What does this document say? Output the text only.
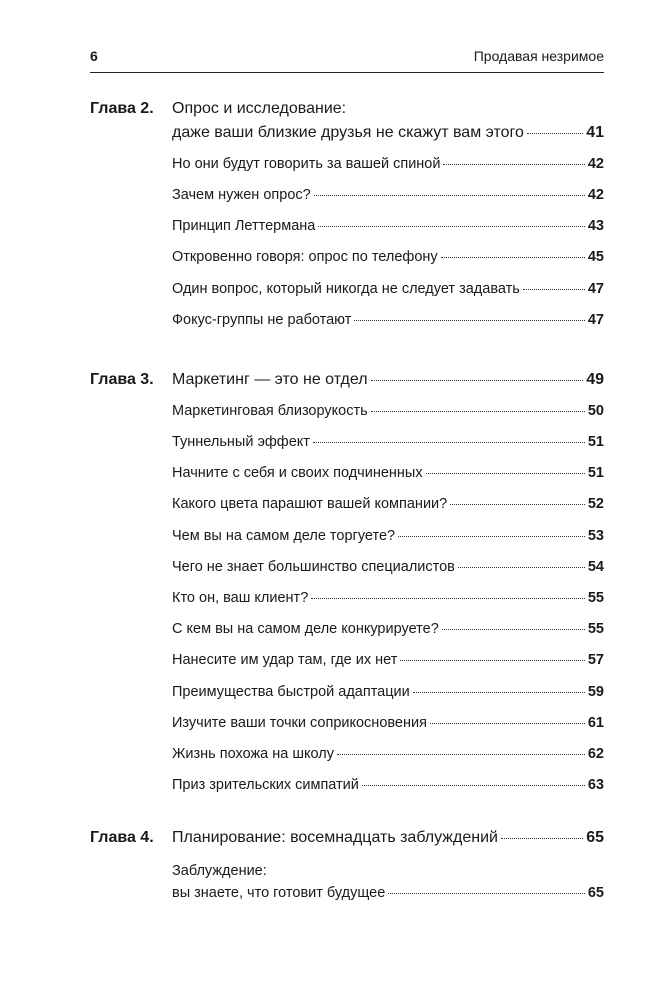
6	Продавая незримое
Глава 2. Опрос и исследование:
даже ваши близкие друзья не скажут вам этого	41
Но они будут говорить за вашей спиной	42
Зачем нужен опрос?	42
Принцип Леттермана	43
Откровенно говоря: опрос по телефону	45
Один вопрос, который никогда не следует задавать	47
Фокус-группы не работают	47
Глава 3. Маркетинг — это не отдел	49
Маркетинговая близорукость	50
Туннельный эффект	51
Начните с себя и своих подчиненных	51
Какого цвета парашют вашей компании?	52
Чем вы на самом деле торгуете?	53
Чего не знает большинство специалистов	54
Кто он, ваш клиент?	55
С кем вы на самом деле конкурируете?	55
Нанесите им удар там, где их нет	57
Преимущества быстрой адаптации	59
Изучите ваши точки соприкосновения	61
Жизнь похожа на школу	62
Приз зрительских симпатий	63
Глава 4. Планирование: восемнадцать заблуждений	65
Заблуждение:
вы знаете, что готовит будущее	65
